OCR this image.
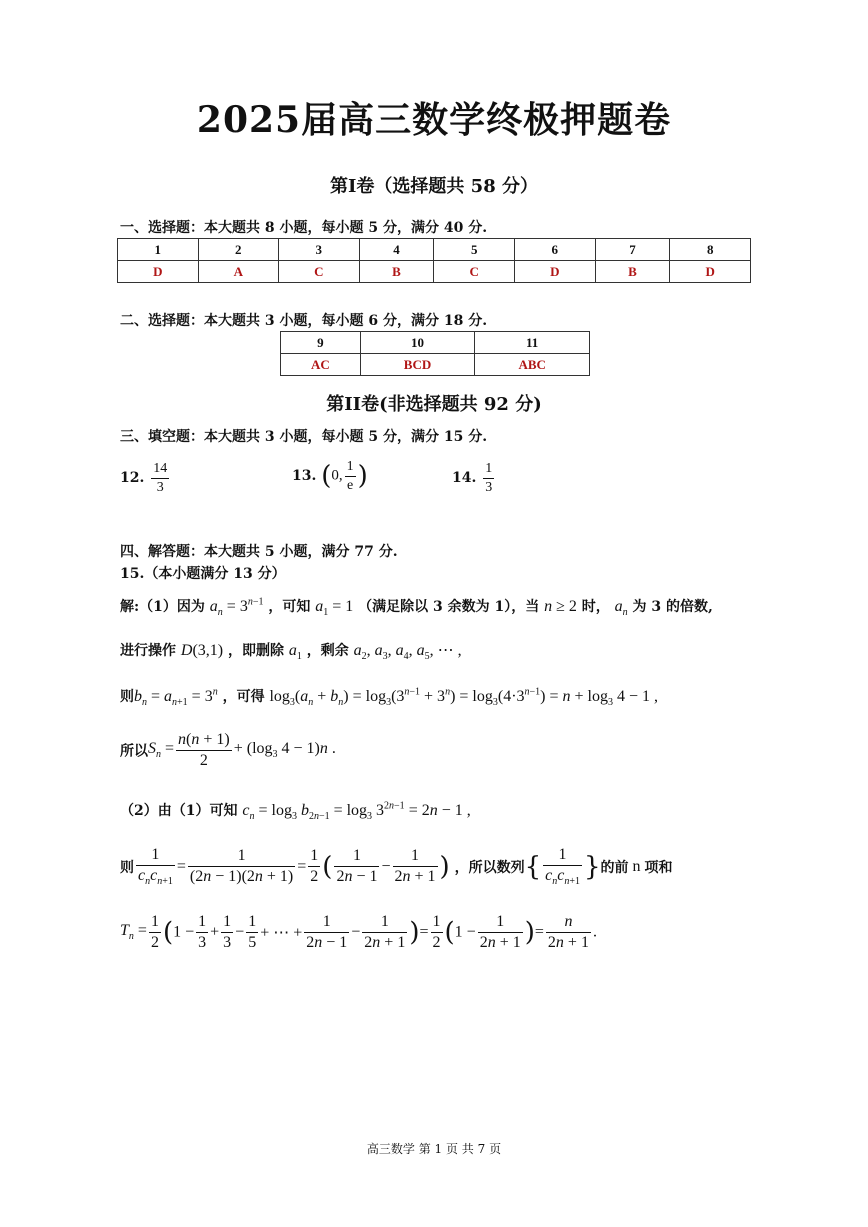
2025届高三数学终极押题卷
第I卷（选择题共 58 分）
一、选择题：本大题共 8 小题，每小题 5 分，满分 40 分.
1	2	3	4	5	6	7	8
D	A	C	B	C	D	B	D
二、选择题：本大题共 3 小题，每小题 6 分，满分 18 分.
9	10	11
AC	BCD	ABC
第II卷(非选择题共 92 分)
三、填空题：本大题共 3 小题，每小题 5 分，满分 15 分.
12. $\frac{14}{3}$	13. (0, $\frac{1}{e}$ )	14. $\frac{1}{3}$
四、解答题：本大题共 5 小题，满分 77 分.
15.（本小题满分 13 分）
解:（1）因为 $a_n = 3^{n-1}$ ，可知 $a_1 = 1$ （满足除以 3 余数为 1），当 n ≥ 2 时， $a_n$ 为 3 的倍数,
进行操作 D(3,1) ，即删除 $a_1$ ，剩余 $a_2$, $a_3$, $a_4$, $a_5$, ⋯ ,
则$b_n = a_{n+1} = 3^n$ ，可得 $\log_3(a_n + b_n) = \log_3(3^{n-1} + 3^n) = \log_3(4\cdot 3^{n-1}) = n + \log_3 4 - 1$ ,
所以$S_n = \frac{n(n + 1)}{2} + (\log_3$ 4 − 1)n .
（2）由（1）可知 $c_n = \log_3 b_{2n-1} = \log_3 3^{2n-1} = 2n - 1$ ,
则 $\frac{1}{c_nc_{n+1}} = \frac{1}{(2n - 1)(2n + 1)} = \frac{1}{2}$ ( $\frac{1}{2n - 1} - \frac{1}{2n + 1}$ ) ，所以数列{ $\frac{1}{c_nc_{n+1}}$ }的前 n 项和
$T_n = \frac{1}{2} (1 - \frac{1}{3} + \frac{1}{3} - \frac{1}{5}$ + ⋯ + $\frac{1}{2n - 1} - \frac{1}{2n + 1}$ )= $\frac{1}{2} (1 - \frac{1}{2n + 1}$ )= $\frac{n}{2n + 1}$ .
高三数学 第 1 页 共 7 页
